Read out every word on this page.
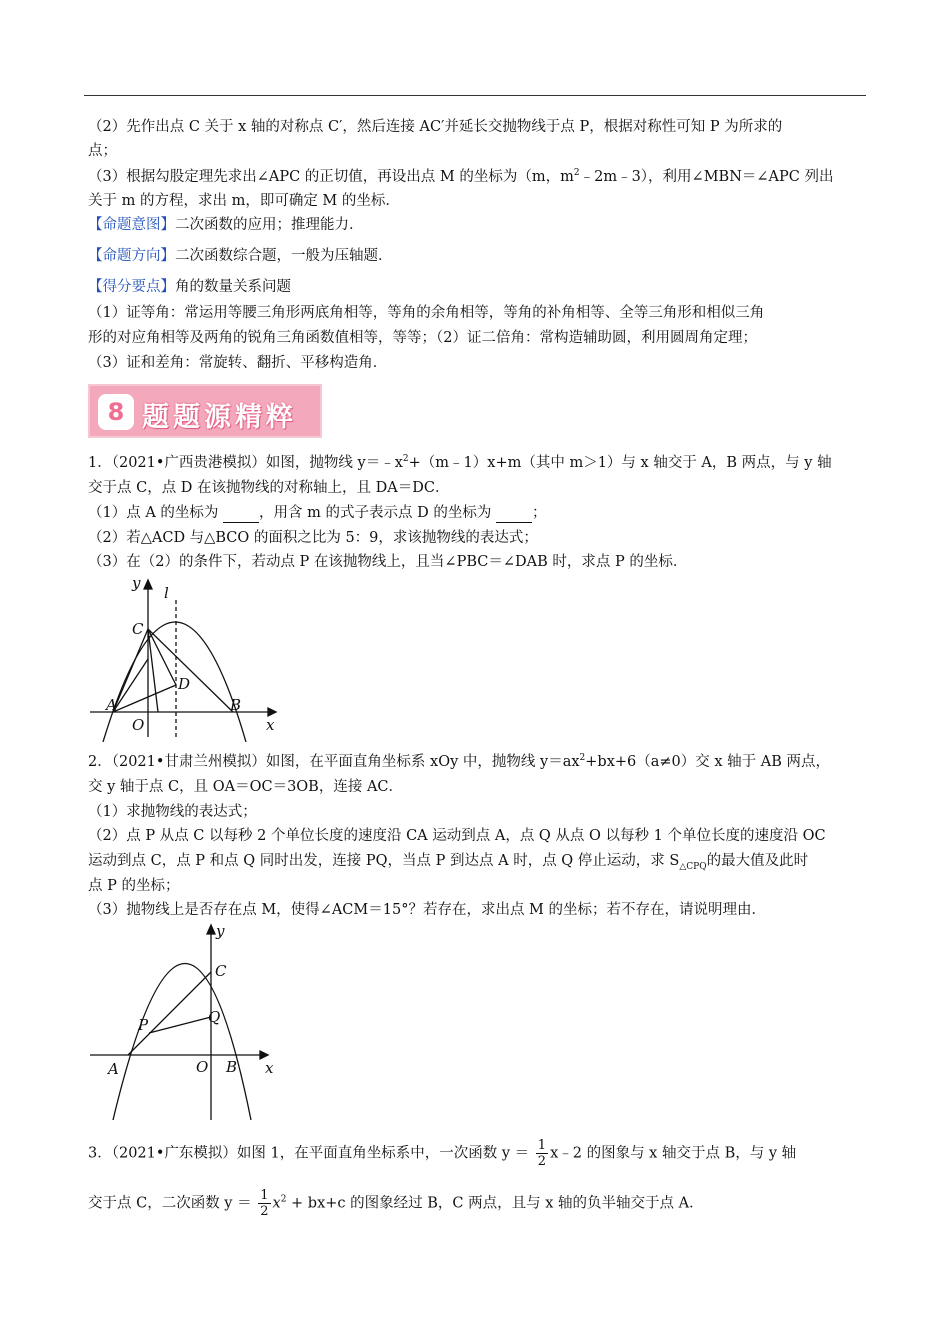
（2）先作出点 C 关于 x 轴的对称点 C′，然后连接 AC′并延长交抛物线于点 P，根据对称性可知 P 为所求的
点；
（3）根据勾股定理先求出∠APC 的正切值，再设出点 M 的坐标为（m，$m^2﹣2m﹣3$），利用∠MBN＝∠APC 列出
关于 m 的方程，求出 m，即可确定 M 的坐标．
【命题意图】二次函数的应用；推理能力．
【命题方向】二次函数综合题，一般为压轴题．
【得分要点】角的数量关系问题
（1）证等角：常运用等腰三角形两底角相等，等角的余角相等，等角的补角相等、全等三角形和相似三角
形的对应角相等及两角的锐角三角函数值相等，等等；（2）证二倍角：常构造辅助圆，利用圆周角定理；
（3）证和差角：常旋转、翻折、平移构造角．
8 题题源精粹
1．（2021•广西贵港模拟）如图，抛物线 $y=﹣x^2+(m﹣1)x+m$（其中 m＞1）与 x 轴交于 A，B 两点，与 y 轴
交于点 C，点 D 在该抛物线的对称轴上，且 DA＝DC．
（1）点 A 的坐标为 ，用含 m 的式子表示点 D 的坐标为 ；
（2）若△ACD 与△BCO 的面积之比为 5：9，求该抛物线的表达式；
（3）在（2）的条件下，若动点 P 在该抛物线上，且当∠PBC＝∠DAB 时，求点 P 的坐标．
y
l
C
D
A
O
B
x
2．（2021•甘肃兰州模拟）如图，在平面直角坐标系 xOy 中，抛物线 $y=ax^2+bx+6(a\ne 0)$交 x 轴于 AB 两点，
交 y 轴于点 C，且 OA＝OC＝3OB，连接 AC．
（1）求抛物线的表达式；
（2）点 P 从点 C 以每秒 2 个单位长度的速度沿 CA 运动到点 A，点 Q 从点 O 以每秒 1 个单位长度的速度沿 OC
运动到点 C，点 P 和点 Q 同时出发，连接 PQ，当点 P 到达点 A 时，点 Q 停止运动，求 $S_{\triangle CPQ}$的最大值及此时
点 P 的坐标；
（3）抛物线上是否存在点 M，使得∠ACM＝15°？若存在，求出点 M 的坐标；若不存在，请说明理由．
y
C
Q
P
A	O B x
3．（2021•广东模拟）如图 1，在平面直角坐标系中，一次函数 $y = \frac{1}{2}$ x﹣2 的图象与 x 轴交于点 B，与 y 轴
交于点 C，二次函数 $y = \frac{1}{2} x^2 + bx+c$ 的图象经过 B，C 两点，且与 x 轴的负半轴交于点 A．
